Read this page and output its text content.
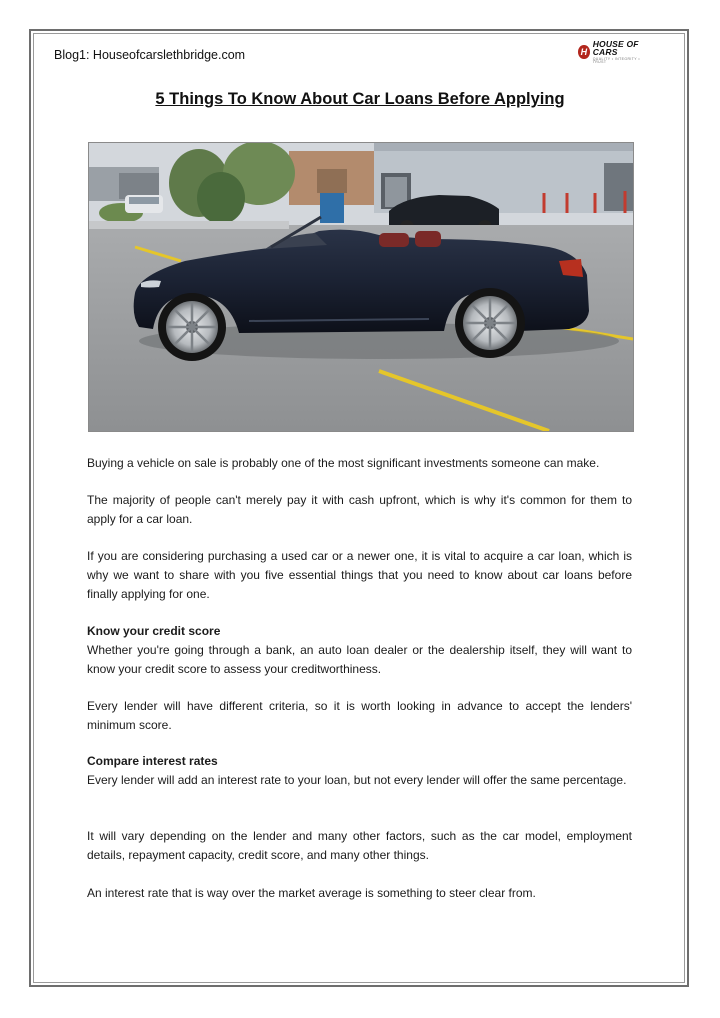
Blog1: Houseofcarslethbridge.com	H
HOUSE OF CARS
QUALITY • INTEGRITY • TRUST
5 Things To Know About Car Loans Before Applying
Buying a vehicle on sale is probably one of the most significant investments someone can make.
The majority of people can't merely pay it with cash upfront, which is why it's common for them to apply for a car loan.
If you are considering purchasing a used car or a newer one, it is vital to acquire a car loan, which is why we want to share with you five essential things that you need to know about car loans before finally applying for one.
Know your credit score
Whether you're going through a bank, an auto loan dealer or the dealership itself, they will want to know your credit score to assess your creditworthiness.
Every lender will have different criteria, so it is worth looking in advance to accept the lenders' minimum score.
Compare interest rates
Every lender will add an interest rate to your loan, but not every lender will offer the same percentage.
It will vary depending on the lender and many other factors, such as the car model, employment details, repayment capacity, credit score, and many other things.
An interest rate that is way over the market average is something to steer clear from.
